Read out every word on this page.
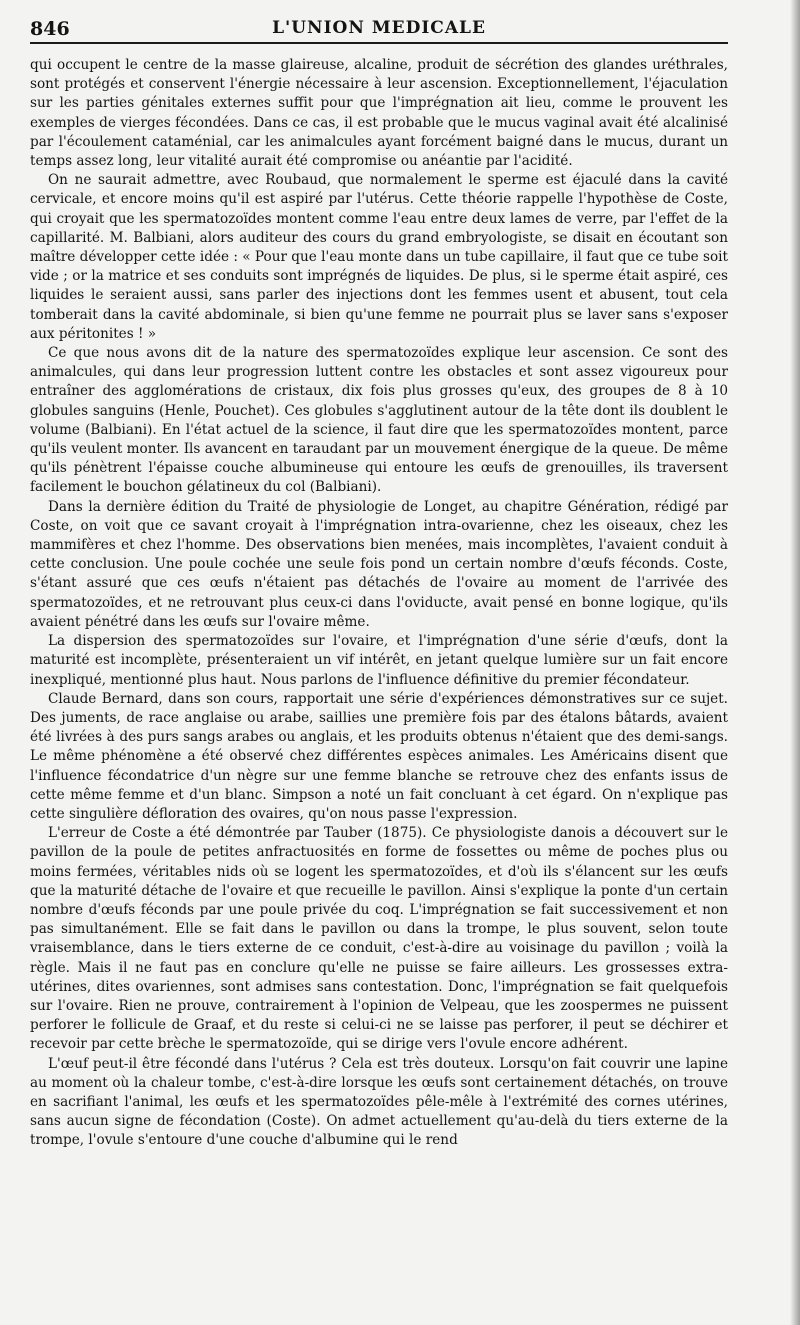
846	L'UNION MEDICALE

qui occupent le centre de la masse glaireuse, alcaline, produit de sécrétion des glandes uréthrales, sont protégés et conservent l'énergie nécessaire à leur ascension. Exceptionnellement, l'éjaculation sur les parties génitales externes suffit pour que l'imprégnation ait lieu, comme le prouvent les exemples de vierges fécondées. Dans ce cas, il est probable que le mucus vaginal avait été alcalinisé par l'écoulement cataménial, car les animalcules ayant forcément baigné dans le mucus, durant un temps assez long, leur vitalité aurait été compromise ou anéantie par l'acidité.

On ne saurait admettre, avec Roubaud, que normalement le sperme est éjaculé dans la cavité cervicale, et encore moins qu'il est aspiré par l'utérus. Cette théorie rappelle l'hypothèse de Coste, qui croyait que les spermatozoïdes montent comme l'eau entre deux lames de verre, par l'effet de la capillarité. M. Balbiani, alors auditeur des cours du grand embryologiste, se disait en écoutant son maître développer cette idée : « Pour que l'eau monte dans un tube capillaire, il faut que ce tube soit vide ; or la matrice et ses conduits sont imprégnés de liquides. De plus, si le sperme était aspiré, ces liquides le seraient aussi, sans parler des injections dont les femmes usent et abusent, tout cela tomberait dans la cavité abdominale, si bien qu'une femme ne pourrait plus se laver sans s'exposer aux péritonites ! »

Ce que nous avons dit de la nature des spermatozoïdes explique leur ascension. Ce sont des animalcules, qui dans leur progression luttent contre les obstacles et sont assez vigoureux pour entraîner des agglomérations de cristaux, dix fois plus grosses qu'eux, des groupes de 8 à 10 globules sanguins (Henle, Pouchet). Ces globules s'agglutinent autour de la tête dont ils doublent le volume (Balbiani). En l'état actuel de la science, il faut dire que les spermatozoïdes montent, parce qu'ils veulent monter. Ils avancent en taraudant par un mouvement énergique de la queue. De même qu'ils pénètrent l'épaisse couche albumineuse qui entoure les œufs de grenouilles, ils traversent facilement le bouchon gélatineux du col (Balbiani).

Dans la dernière édition du Traité de physiologie de Longet, au chapitre Génération, rédigé par Coste, on voit que ce savant croyait à l'imprégnation intra-ovarienne, chez les oiseaux, chez les mammifères et chez l'homme. Des observations bien menées, mais incomplètes, l'avaient conduit à cette conclusion. Une poule cochée une seule fois pond un certain nombre d'œufs féconds. Coste, s'étant assuré que ces œufs n'étaient pas détachés de l'ovaire au moment de l'arrivée des spermatozoïdes, et ne retrouvant plus ceux-ci dans l'oviducte, avait pensé en bonne logique, qu'ils avaient pénétré dans les œufs sur l'ovaire même.

La dispersion des spermatozoïdes sur l'ovaire, et l'imprégnation d'une série d'œufs, dont la maturité est incomplète, présenteraient un vif intérêt, en jetant quelque lumière sur un fait encore inexpliqué, mentionné plus haut. Nous parlons de l'influence définitive du premier fécondateur.

Claude Bernard, dans son cours, rapportait une série d'expériences démonstratives sur ce sujet. Des juments, de race anglaise ou arabe, saillies une première fois par des étalons bâtards, avaient été livrées à des purs sangs arabes ou anglais, et les produits obtenus n'étaient que des demi-sangs. Le même phénomène a été observé chez différentes espèces animales. Les Américains disent que l'influence fécondatrice d'un nègre sur une femme blanche se retrouve chez des enfants issus de cette même femme et d'un blanc. Simpson a noté un fait concluant à cet égard. On n'explique pas cette singulière défloration des ovaires, qu'on nous passe l'expression.

L'erreur de Coste a été démontrée par Tauber (1875). Ce physiologiste danois a découvert sur le pavillon de la poule de petites anfractuosités en forme de fossettes ou même de poches plus ou moins fermées, véritables nids où se logent les spermatozoïdes, et d'où ils s'élancent sur les œufs que la maturité détache de l'ovaire et que recueille le pavillon. Ainsi s'explique la ponte d'un certain nombre d'œufs féconds par une poule privée du coq. L'imprégnation se fait successivement et non pas simultanément. Elle se fait dans le pavillon ou dans la trompe, le plus souvent, selon toute vraisemblance, dans le tiers externe de ce conduit, c'est-à-dire au voisinage du pavillon ; voilà la règle. Mais il ne faut pas en conclure qu'elle ne puisse se faire ailleurs. Les grossesses extra-utérines, dites ovariennes, sont admises sans contestation. Donc, l'imprégnation se fait quelquefois sur l'ovaire. Rien ne prouve, contrairement à l'opinion de Velpeau, que les zoospermes ne puissent perforer le follicule de Graaf, et du reste si celui-ci ne se laisse pas perforer, il peut se déchirer et recevoir par cette brèche le spermatozoïde, qui se dirige vers l'ovule encore adhérent.

L'œuf peut-il être fécondé dans l'utérus ? Cela est très douteux. Lorsqu'on fait couvrir une lapine au moment où la chaleur tombe, c'est-à-dire lorsque les œufs sont certainement détachés, on trouve en sacrifiant l'animal, les œufs et les spermatozoïdes pêle-mêle à l'extrémité des cornes utérines, sans aucun signe de fécondation (Coste). On admet actuellement qu'au-delà du tiers externe de la trompe, l'ovule s'entoure d'une couche d'albumine qui le rend
